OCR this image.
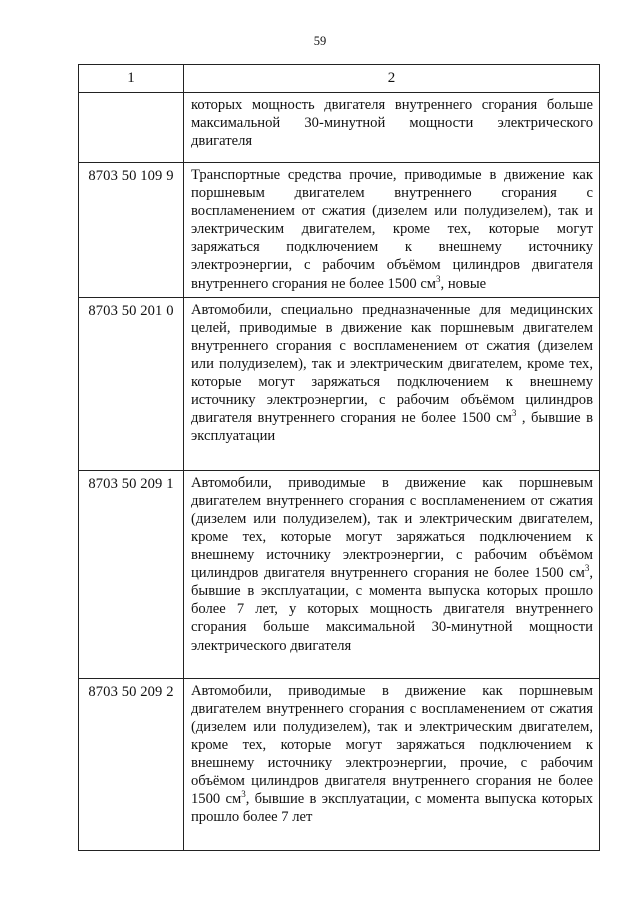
59
1	2
	которых мощность двигателя внутреннего сгорания больше максимальной 30-минутной мощности электрического двигателя
8703 50 109 9	Транспортные средства прочие, приводимые в движение как поршневым двигателем внутреннего сгорания с воспламенением от сжатия (дизелем или полудизелем), так и электрическим двигателем, кроме тех, которые могут заряжаться подключением к внешнему источнику электроэнергии, с рабочим объёмом цилиндров двигателя внутреннего сгорания не более 1500 $см^3$, новые
8703 50 201 0	Автомобили, специально предназначенные для медицинских целей, приводимые в движение как поршневым двигателем внутреннего сгорания с воспламенением от сжатия (дизелем или полудизелем), так и электрическим двигателем, кроме тех, которые могут заряжаться подключением к внешнему источнику электроэнергии, с рабочим объёмом цилиндров двигателя внутреннего сгорания не более 1500 $см^3$ , бывшие в эксплуатации
8703 50 209 1	Автомобили, приводимые в движение как поршневым двигателем внутреннего сгорания с воспламенением от сжатия (дизелем или полудизелем), так и электрическим двигателем, кроме тех, которые могут заряжаться подключением к внешнему источнику электроэнергии, с рабочим объёмом цилиндров двигателя внутреннего сгорания не более 1500 $см^3$, бывшие в эксплуатации, с момента выпуска которых прошло более 7 лет, у которых мощность двигателя внутреннего сгорания больше максимальной 30-минутной мощности электрического двигателя
8703 50 209 2	Автомобили, приводимые в движение как поршневым двигателем внутреннего сгорания с воспламенением от сжатия (дизелем или полудизелем), так и электрическим двигателем, кроме тех, которые могут заряжаться подключением к внешнему источнику электроэнергии, прочие, с рабочим объёмом цилиндров двигателя внутреннего сгорания не более 1500 $см^3$, бывшие в эксплуатации, с момента выпуска которых прошло более 7 лет
